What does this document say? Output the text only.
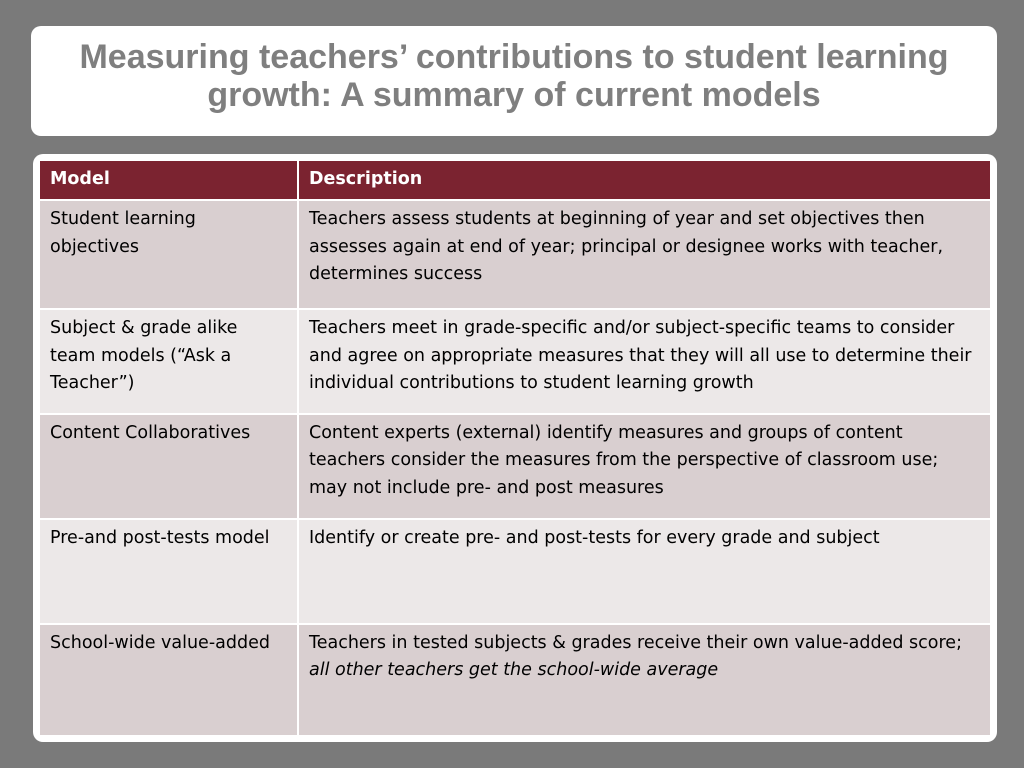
Measuring teachers’ contributions to student learning
growth: A summary of current models
Model	Description
Student learning objectives	Teachers assess students at beginning of year and set objectives then assesses again at end of year; principal or designee works with teacher, determines success
Subject & grade alike team models (“Ask a Teacher”)	Teachers meet in grade-specific and/or subject-specific teams to consider and agree on appropriate measures that they will all use to determine their individual contributions to student learning growth
Content Collaboratives	Content experts (external) identify measures and groups of content teachers consider the measures from the perspective of classroom use; may not include pre- and post measures
Pre-and post-tests model	Identify or create pre- and post-tests for every grade and subject
School-wide value-added	Teachers in tested subjects & grades receive their own value-added score; all other teachers get the school-wide average
